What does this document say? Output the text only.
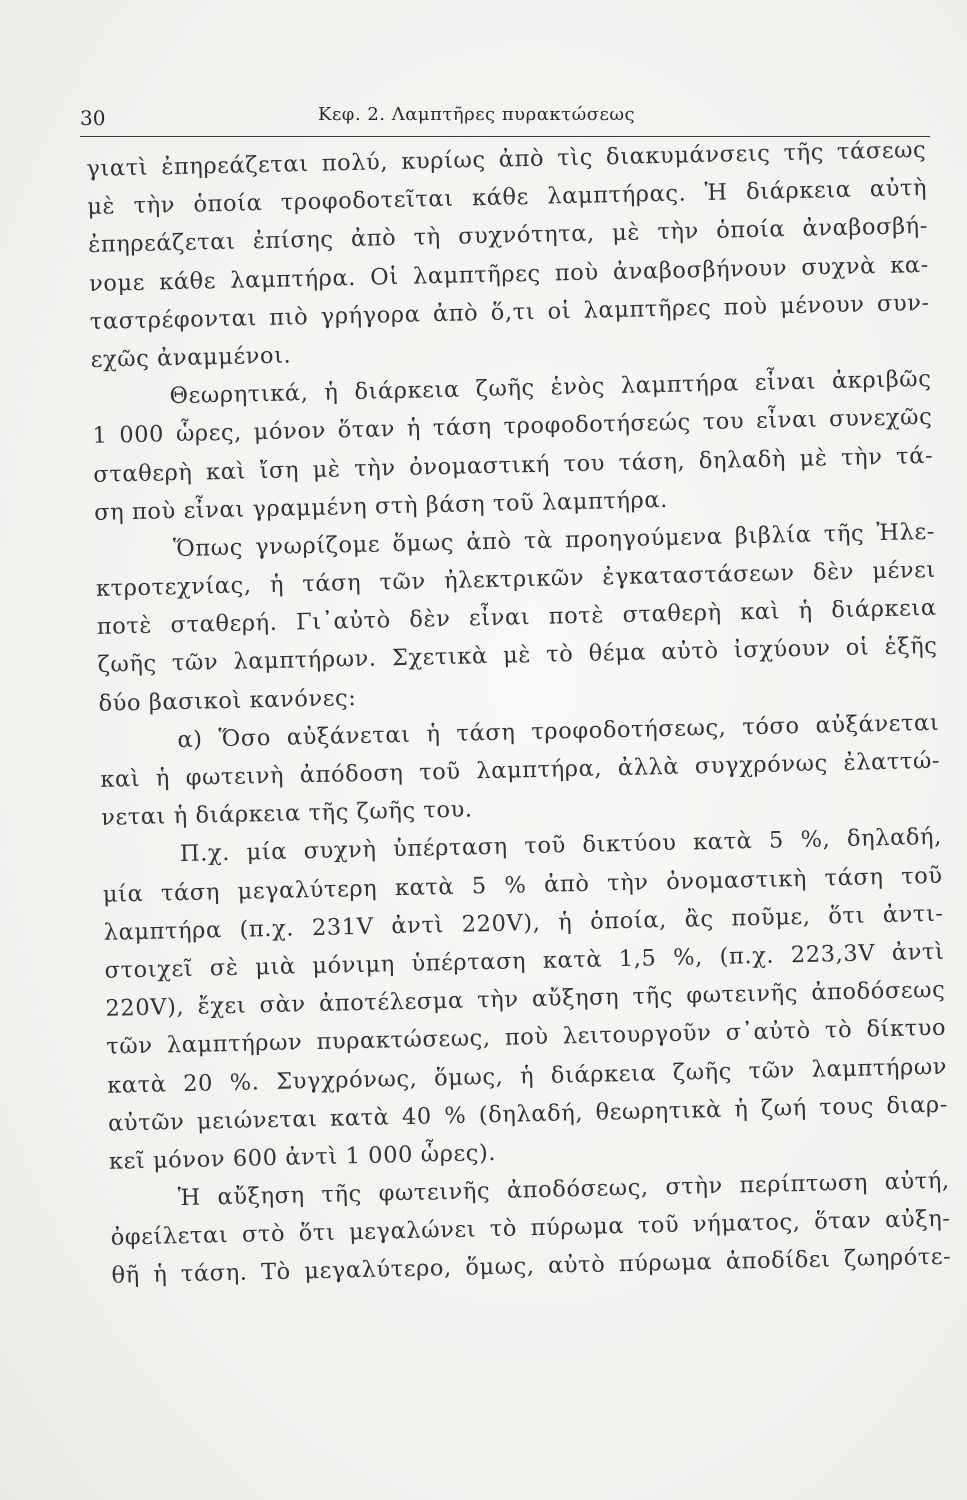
30	Κεφ. 2. Λαμπτῆρες πυρακτώσεως
γιατὶ ἐπηρεάζεται πολύ, κυρίως ἀπὸ τὶς διακυμάνσεις τῆς τάσεως
μὲ τὴν ὁποία τροφοδοτεῖται κάθε λαμπτήρας. Ἡ διάρκεια αὐτὴ
ἐπηρεάζεται ἐπίσης ἀπὸ τὴ συχνότητα, μὲ τὴν ὁποία ἀναβοσβή-
νομε κάθε λαμπτήρα. Οἱ λαμπτῆρες ποὺ ἀναβοσβήνουν συχνὰ κα-
ταστρέφονται πιὸ γρήγορα ἀπὸ ὅ,τι οἱ λαμπτῆρες ποὺ μένουν συν-
εχῶς ἀναμμένοι.
Θεωρητικά, ἡ διάρκεια ζωῆς ἑνὸς λαμπτήρα εἶναι ἀκριβῶς
1 000 ὧρες, μόνον ὅταν ἡ τάση τροφοδοτήσεώς του εἶναι συνεχῶς
σταθερὴ καὶ ἴση μὲ τὴν ὀνομαστική του τάση, δηλαδὴ μὲ τὴν τά-
ση ποὺ εἶναι γραμμένη στὴ βάση τοῦ λαμπτήρα.
Ὅπως γνωρίζομε ὅμως ἀπὸ τὰ προηγούμενα βιβλία τῆς Ἠλε-
κτροτεχνίας, ἡ τάση τῶν ἠλεκτρικῶν ἐγκαταστάσεων δὲν μένει
ποτὲ σταθερή. Γι᾽αὐτὸ δὲν εἶναι ποτὲ σταθερὴ καὶ ἡ διάρκεια
ζωῆς τῶν λαμπτήρων. Σχετικὰ μὲ τὸ θέμα αὐτὸ ἰσχύουν οἱ ἑξῆς
δύο βασικοὶ κανόνες:
α) Ὅσο αὐξάνεται ἡ τάση τροφοδοτήσεως, τόσο αὐξάνεται
καὶ ἡ φωτεινὴ ἀπόδοση τοῦ λαμπτήρα, ἀλλὰ συγχρόνως ἐλαττώ-
νεται ἡ διάρκεια τῆς ζωῆς του.
Π.χ. μία συχνὴ ὑπέρταση τοῦ δικτύου κατὰ 5 %, δηλαδή,
μία τάση μεγαλύτερη κατὰ 5 % ἀπὸ τὴν ὀνομαστικὴ τάση τοῦ
λαμπτήρα (π.χ. 231V ἀντὶ 220V), ἡ ὁποία, ἂς ποῦμε, ὅτι ἀντι-
στοιχεῖ σὲ μιὰ μόνιμη ὑπέρταση κατὰ 1,5 %, (π.χ. 223,3V ἀντὶ
220V), ἔχει σὰν ἀποτέλεσμα τὴν αὔξηση τῆς φωτεινῆς ἀποδόσεως
τῶν λαμπτήρων πυρακτώσεως, ποὺ λειτουργοῦν σ᾽αὐτὸ τὸ δίκτυο
κατὰ 20 %. Συγχρόνως, ὅμως, ἡ διάρκεια ζωῆς τῶν λαμπτήρων
αὐτῶν μειώνεται κατὰ 40 % (δηλαδή, θεωρητικὰ ἡ ζωή τους διαρ-
κεῖ μόνον 600 ἀντὶ 1 000 ὧρες).
Ἡ αὔξηση τῆς φωτεινῆς ἀποδόσεως, στὴν περίπτωση αὐτή,
ὀφείλεται στὸ ὅτι μεγαλώνει τὸ πύρωμα τοῦ νήματος, ὅταν αὐξη-
θῆ ἡ τάση. Τὸ μεγαλύτερο, ὅμως, αὐτὸ πύρωμα ἀποδίδει ζωηρότε-
